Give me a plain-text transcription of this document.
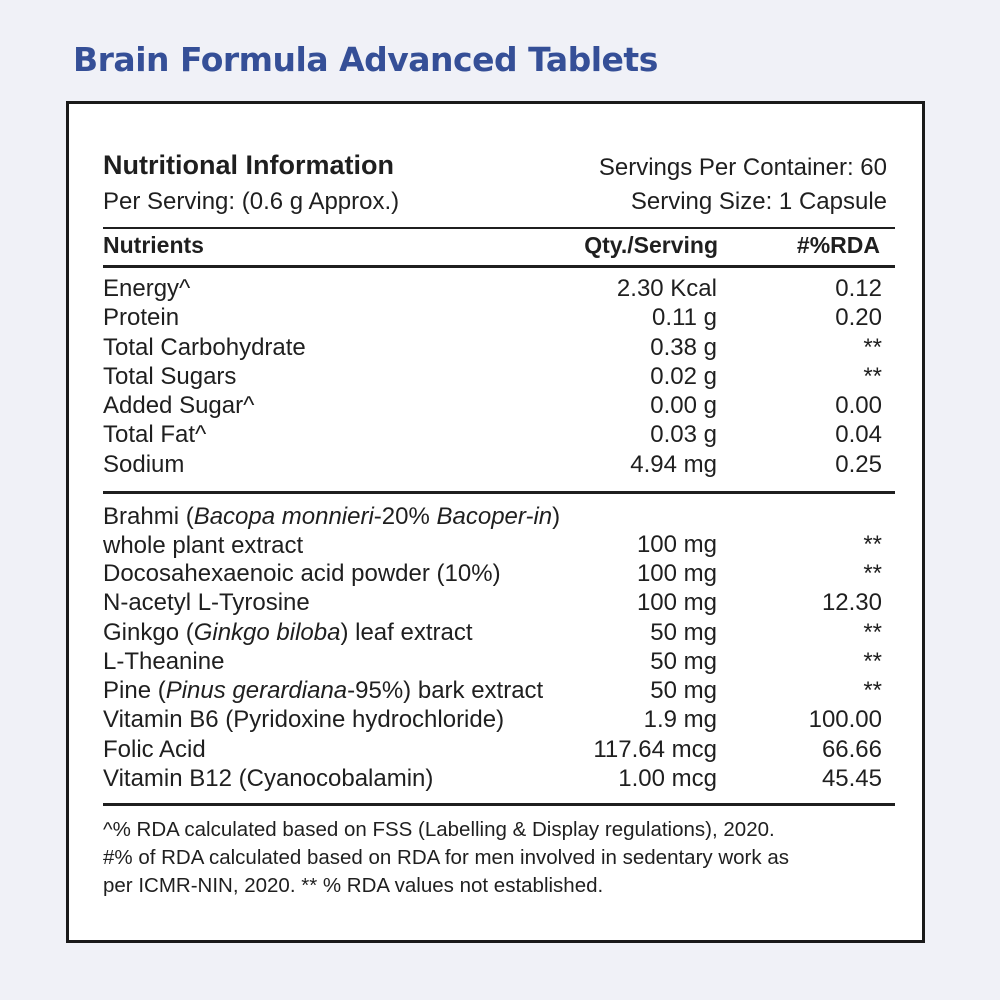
Brain Formula Advanced Tablets
Nutritional Information
Per Serving: (0.6 g Approx.)
Servings Per Container: 60
Serving Size: 1 Capsule
Nutrients	Qty./Serving	#%RDA
Energy^	2.30 Kcal	0.12
Protein	0.11 g	0.20
Total Carbohydrate	0.38 g	**
Total Sugars	0.02 g	**
Added Sugar^	0.00 g	0.00
Total Fat^	0.03 g	0.04
Sodium	4.94 mg	0.25
Brahmi (Bacopa monnieri-20% Bacoper-in) whole plant extract	100 mg	**
Docosahexaenoic acid powder (10%)	100 mg	**
N-acetyl L-Tyrosine	100 mg	12.30
Ginkgo (Ginkgo biloba) leaf extract	50 mg	**
L-Theanine	50 mg	**
Pine (Pinus gerardiana-95%) bark extract	50 mg	**
Vitamin B6 (Pyridoxine hydrochloride)	1.9 mg	100.00
Folic Acid	117.64 mcg	66.66
Vitamin B12 (Cyanocobalamin)	1.00 mcg	45.45
^% RDA calculated based on FSS (Labelling & Display regulations), 2020.
#% of RDA calculated based on RDA for men involved in sedentary work as
per ICMR-NIN, 2020. ** % RDA values not established.
